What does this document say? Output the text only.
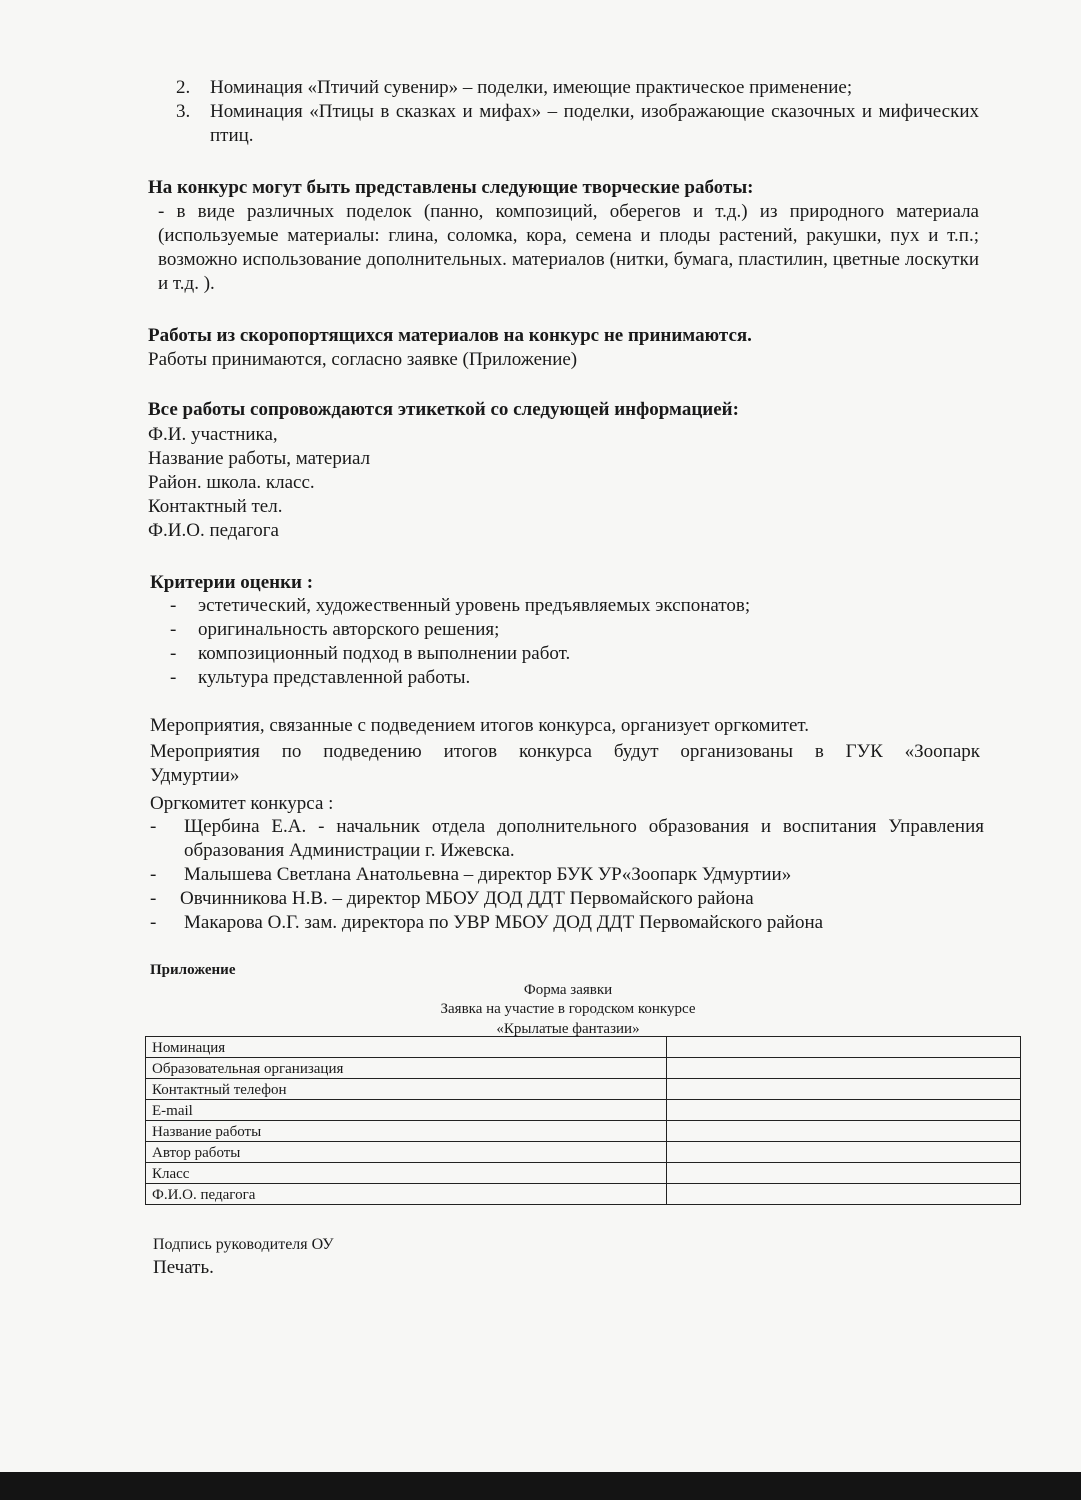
2.	Номинация «Птичий сувенир» – поделки, имеющие практическое применение;
3.	Номинация «Птицы в сказках и мифах» – поделки, изображающие сказочных и мифических птиц.
На конкурс могут быть представлены следующие творческие работы:
- в виде различных поделок (панно, композиций, оберегов и т.д.) из природного материала (используемые материалы: глина, соломка, кора, семена и плоды растений, ракушки, пух и т.п.; возможно использование дополнительных. материалов (нитки, бумага, пластилин, цветные лоскутки и т.д. ).
Работы из скоропортящихся материалов на конкурс не принимаются.
Работы принимаются, согласно заявке (Приложение)
Все работы сопровождаются этикеткой со следующей информацией:
Ф.И. участника,
Название работы, материал
Район. школа. класс.
Контактный тел.
Ф.И.О. педагога
Критерии оценки :
- эстетический, художественный уровень предъявляемых экспонатов;
- оригинальность авторского решения;
- композиционный подход в выполнении работ.
- культура представленной работы.
Мероприятия, связанные с подведением итогов конкурса, организует оргкомитет.
Мероприятия по подведению итогов конкурса будут организованы в ГУК «Зоопарк Удмуртии»
Оргкомитет конкурса :
- Щербина Е.А. - начальник отдела дополнительного образования и воспитания Управления образования Администрации г. Ижевска.
- Малышева Светлана Анатольевна – директор БУК УР«Зоопарк Удмуртии»
- Овчинникова Н.В. – директор МБОУ ДОД ДДТ Первомайского района
- Макарова О.Г. зам. директора по УВР МБОУ ДОД ДДТ Первомайского района
Приложение
Форма заявки
Заявка на участие в городском конкурсе
«Крылатые фантазии»
Номинация	
Образовательная организация	
Контактный телефон	
E-mail	
Название работы	
Автор работы	
Класс	
Ф.И.О. педагога	
Подпись руководителя ОУ
Печать.
